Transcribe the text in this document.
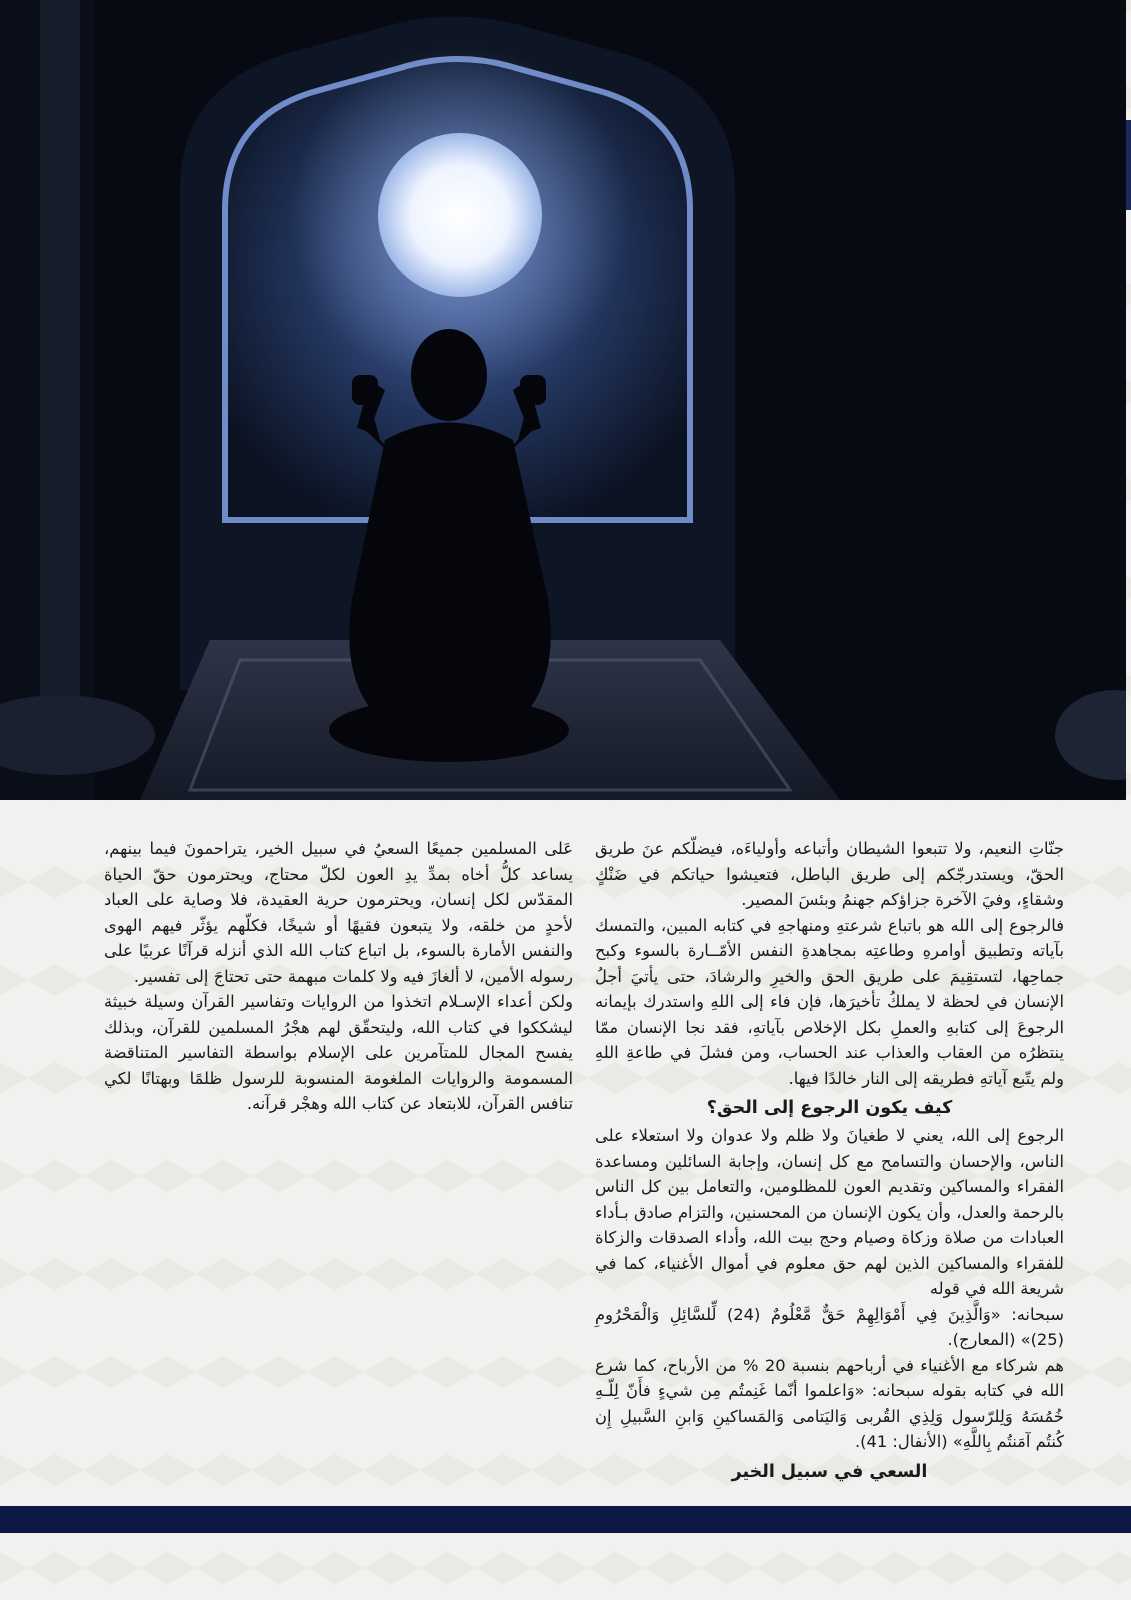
جنّاتِ النعيم، ولا تتبعوا الشيطان وأتباعه وأولياءَه، فيضلّكم عنَ طريق الحقّ، ويستدرجّكم إلى طريق الباطل، فتعيشوا حياتكم في ضَنْكٍ وشقاءٍ، وفيَ الآخرة جزاؤكم جهنمُ وبئسَ المصير.

فالرجوع إلى الله هو باتباع شرعتهِ ومنهاجهِ في كتابه المبين، والتمسك بآياته وتطبيق أوامرهِ وطاعتِه بمجاهدةِ النفس الأمّــارة بالسوء وكبح جماحِها، لتستقِيمَ على طريق الحق والخيرِ والرشادَ، حتى يأتيَ أجلُ الإنسان في لحظة لا يملكُ تأخيرَها، فإن فاء إلى اللهِ واستدرك بإيمانه الرجوعَ إلى كتابهِ والعملِ بكل الإخلاص بآياتهِ، فقد نجا الإنسان ممّا ينتظرُه من العقاب والعذاب عند الحساب، ومن فشلَ في طاعةِ اللهِ ولم يتّبع آياتهِ فطريقه إلى النار خالدًا فيها.

كيف يكون الرجوع إلى الحق؟

الرجوع إلى الله، يعني لا طغيانَ ولا ظلم ولا عدوان ولا استعلاء على الناس، والإحسان والتسامح مع كل إنسان، وإجابة السائلين ومساعدة الفقراء والمساكين وتقديم العون للمظلومين، والتعامل بين كل الناس بالرحمة والعدل، وأن يكون الإنسان من المحسنين، والتزام صادق بـأداء العبادات من صلاة وزكاة وصيام وحج بيت الله، وأداء الصدقات والزكاة للفقراء والمساكين الذين لهم حق معلوم في أموال الأغنياء، كما في شريعة الله في قوله

سبحانه: «وَالَّذِينَ فِي أَمْوَالِهِمْ حَقٌّ مَّعْلُومٌ (24) لِّلسَّائِلِ وَالْمَحْرُومِ (25)» (المعارج).

هم شركاء مع الأغنياء في أرباحهم بنسبة 20 % من الأرباح، كما شرع الله في كتابه بقوله سبحانه: «وَاعلموا أنّما غَنِمتُم مِن شيءٍ فأَنّ لِلّـهِ خُمُسَهُ وَلِلرّسول وَلِذِي القُربى وَاليَتامى وَالمَساكينِ وَابنِ السَّبيلِ إِن كُنتُم آمَنتُم بِاللَّهِ» (الأنفال: 41).

السعي في سبيل الخير

عَلى المسلمين جميعًا السعيُ في سبيل الخير، يتراحمونَ فيما بينهم، يساعد كلُّ أخاه بمدِّ يدِ العون لكلّ محتاج، ويحترمون حقّ الحياة المقدّس لكل إنسان، ويحترمون حرية العقيدة، فلا وصاية على العباد لأحدٍ من خلقه، ولا يتبعون فقيهًا أو شيخًا، فكلّهم يؤثّر فيهم الهوى والنفس الأمارة بالسوء، بل اتباع كتاب الله الذي أنزله قرآنًا عربيًا على رسوله الأمين، لا ألغازَ فيه ولا كلمات مبهمة حتى تحتاجَ إلى تفسير.

ولكن أعداء الإسـلام اتخذوا من الروايات وتفاسير القرآن وسيلة خبيثة ليشككوا في كتاب الله، وليتحقّق لهم هجْرُ المسلمين للقرآن، وبذلك يفسح المجال للمتآمرين على الإسلام بواسطة التفاسير المتناقضة المسمومة والروايات الملغومة المنسوبة للرسول ظلمًا وبهتانًا لكي تنافس القرآن، للابتعاد عن كتاب الله وهجْر قرآنه.
